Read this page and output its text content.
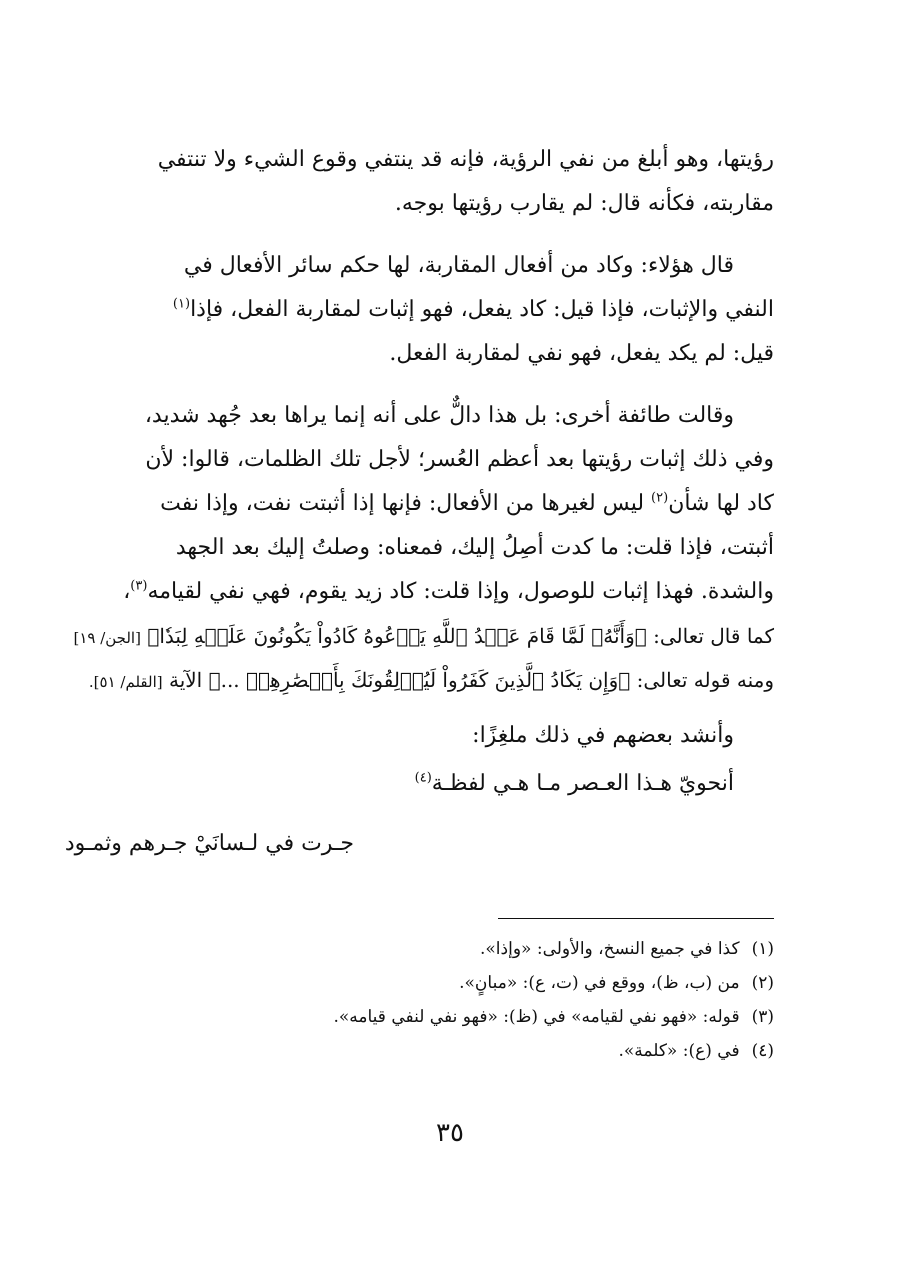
رؤيتها، وهو أبلغ من نفي الرؤية، فإنه قد ينتفي وقوع الشيء ولا تنتفي
مقاربته، فكأنه قال: لم يقارب رؤيتها بوجه.
قال هؤلاء: وكاد من أفعال المقاربة، لها حكم سائر الأفعال في
النفي والإثبات، فإذا قيل: كاد يفعل، فهو إثبات لمقاربة الفعل، فإذا$^{(١)}$
قيل: لم يكد يفعل، فهو نفي لمقاربة الفعل.
وقالت طائفة أخرى: بل هذا دالٌّ على أنه إنما يراها بعد جُهد شديد،
وفي ذلك إثبات رؤيتها بعد أعظم العُسر؛ لأجل تلك الظلمات، قالوا: لأن
كاد لها شأن$^{(٢)}$ ليس لغيرها من الأفعال: فإنها إذا أثبتت نفت، وإذا نفت
أثبتت، فإذا قلت: ما كدت أصِلُ إليك، فمعناه: وصلتُ إليك بعد الجهد
والشدة. فهذا إثبات للوصول، وإذا قلت: كاد زيد يقوم، فهي نفي لقيامه$^{(٣)}$،
كما قال تعالى: ﴿وَأَنَّهُۥ لَمَّا قَامَ عَبۡدُ ٱللَّهِ يَدۡعُوهُ كَادُواْ يَكُونُونَ عَلَيۡهِ لِبَدٗا﴾ [الجن/ ١٩]
ومنه قوله تعالى: ﴿وَإِن يَكَادُ ٱلَّذِينَ كَفَرُواْ لَيُزۡلِقُونَكَ بِأَبۡصَٰرِهِمۡ ...﴾ الآية [القلم/ ٥١].
وأنشد بعضهم في ذلك ملغِزًا:
أنحويّ هـذا العـصر مـا هـي لفظـة$^{(٤)}$
جـرت في لـسانَيْ جـرهم وثمـود
(١)كذا في جميع النسخ، والأولى: «وإذا».
(٢)من (ب، ظ)، ووقع في (ت، ع): «مبانٍ».
(٣)قوله: «فهو نفي لقيامه» في (ظ): «فهو نفي لنفي قيامه».
(٤)في (ع): «كلمة».
٣٥
